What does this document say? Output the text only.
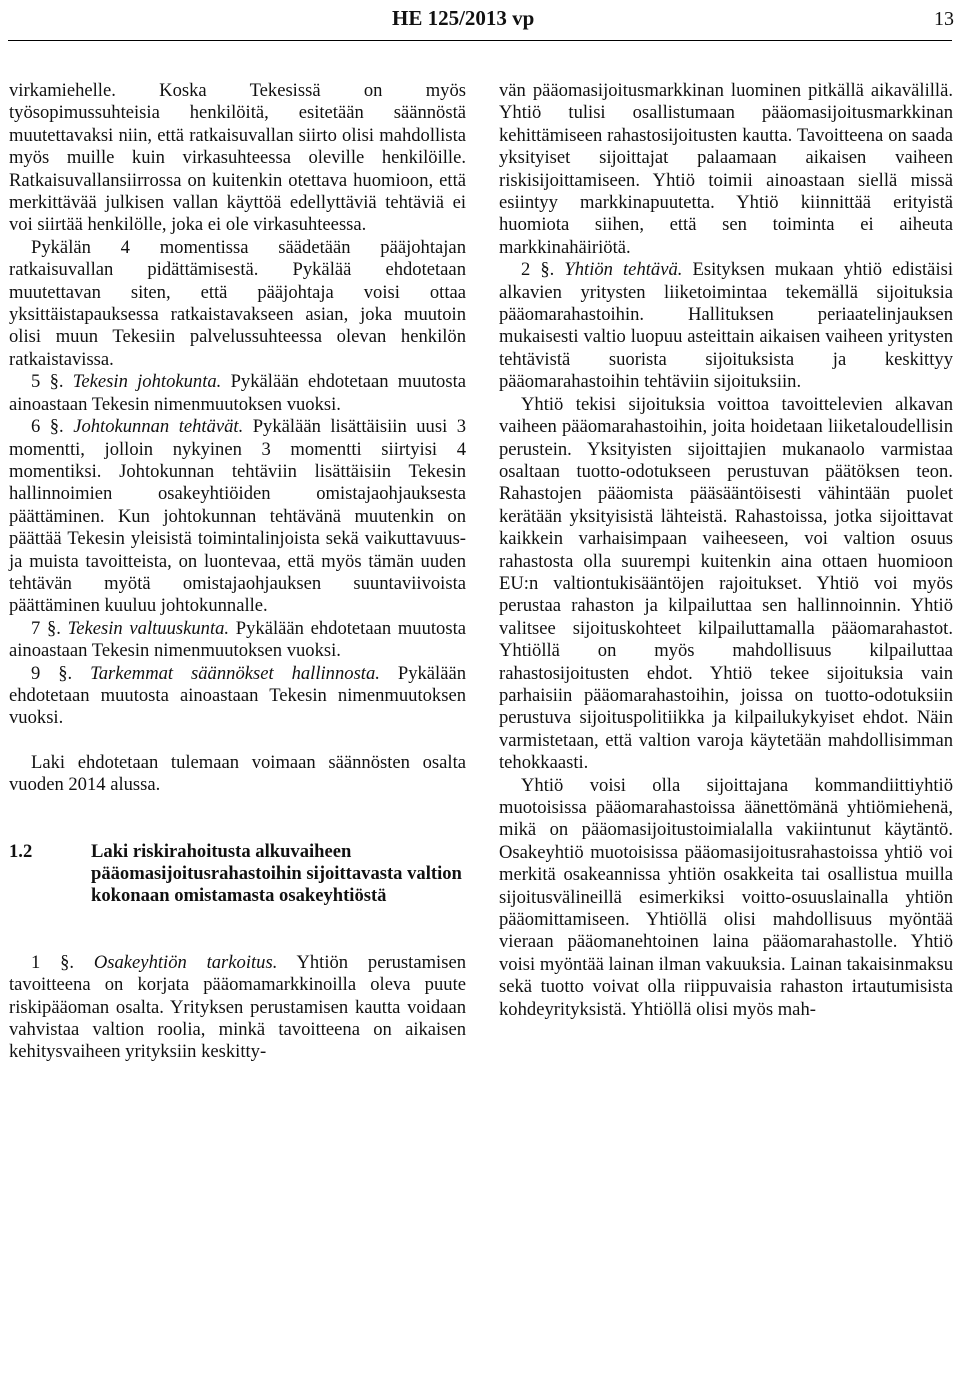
HE 125/2013 vp	13

virkamiehelle. Koska Tekesissä on myös työsopimussuhteisia henkilöitä, esitetään säännöstä muutettavaksi niin, että ratkaisuvallan siirto olisi mahdollista myös muille kuin virkasuhteessa oleville henkilöille. Ratkaisuvallansiirrossa on kuitenkin otettava huomioon, että merkittävää julkisen vallan käyttöä edellyttäviä tehtäviä ei voi siirtää henkilölle, joka ei ole virkasuhteessa.

Pykälän 4 momentissa säädetään pääjohtajan ratkaisuvallan pidättämisestä. Pykälää ehdotetaan muutettavan siten, että pääjohtaja voisi ottaa yksittäistapauksessa ratkaistavakseen asian, joka muutoin olisi muun Tekesiin palvelussuhteessa olevan henkilön ratkaistavissa.

5 §. Tekesin johtokunta. Pykälään ehdotetaan muutosta ainoastaan Tekesin nimenmuutoksen vuoksi.

6 §. Johtokunnan tehtävät. Pykälään lisättäisiin uusi 3 momentti, jolloin nykyinen 3 momentti siirtyisi 4 momentiksi. Johtokunnan tehtäviin lisättäisiin Tekesin hallinnoimien osakeyhtiöiden omistajaohjauksesta päättäminen. Kun johtokunnan tehtävänä muutenkin on päättää Tekesin yleisistä toimintalinjoista sekä vaikuttavuus- ja muista tavoitteista, on luontevaa, että myös tämän uuden tehtävän myötä omistajaohjauksen suuntaviivoista päättäminen kuuluu johtokunnalle.

7 §. Tekesin valtuuskunta. Pykälään ehdotetaan muutosta ainoastaan Tekesin nimenmuutoksen vuoksi.

9 §. Tarkemmat säännökset hallinnosta. Pykälään ehdotetaan muutosta ainoastaan Tekesin nimenmuutoksen vuoksi.

Laki ehdotetaan tulemaan voimaan säännösten osalta vuoden 2014 alussa.

1.2	Laki riskirahoitusta alkuvaiheen pääomasijoitusrahastoihin sijoittavasta valtion kokonaan omistamasta osakeyhtiöstä

1 §. Osakeyhtiön tarkoitus. Yhtiön perustamisen tavoitteena on korjata pääomamarkkinoilla oleva puute riskipääoman osalta. Yrityksen perustamisen kautta voidaan vahvistaa valtion roolia, minkä tavoitteena on aikaisen kehitysvaiheen yrityksiin keskitty-

vän pääomasijoitusmarkkinan luominen pitkällä aikavälillä. Yhtiö tulisi osallistumaan pääomasijoitusmarkkinan kehittämiseen rahastosijoitusten kautta. Tavoitteena on saada yksityiset sijoittajat palaamaan aikaisen vaiheen riskisijoittamiseen. Yhtiö toimii ainoastaan siellä missä esiintyy markkinapuutetta. Yhtiö kiinnittää erityistä huomiota siihen, että sen toiminta ei aiheuta markkinahäiriötä.

2 §. Yhtiön tehtävä. Esityksen mukaan yhtiö edistäisi alkavien yritysten liiketoimintaa tekemällä sijoituksia pääomarahastoihin. Hallituksen periaatelinjauksen mukaisesti valtio luopuu asteittain aikaisen vaiheen yritysten tehtävistä suorista sijoituksista ja keskittyy pääomarahastoihin tehtäviin sijoituksiin.

Yhtiö tekisi sijoituksia voittoa tavoittelevien alkavan vaiheen pääomarahastoihin, joita hoidetaan liiketaloudellisin perustein. Yksityisten sijoittajien mukanaolo varmistaa osaltaan tuotto-odotukseen perustuvan päätöksen teon. Rahastojen pääomista pääsääntöisesti vähintään puolet kerätään yksityisistä lähteistä. Rahastoissa, jotka sijoittavat kaikkein varhaisimpaan vaiheeseen, voi valtion osuus rahastosta olla suurempi kuitenkin aina ottaen huomioon EU:n valtiontukisääntöjen rajoitukset. Yhtiö voi myös perustaa rahaston ja kilpailuttaa sen hallinnoinnin. Yhtiö valitsee sijoituskohteet kilpailuttamalla pääomarahastot. Yhtiöllä on myös mahdollisuus kilpailuttaa rahastosijoitusten ehdot. Yhtiö tekee sijoituksia vain parhaisiin pääomarahastoihin, joissa on tuotto-odotuksiin perustuva sijoituspolitiikka ja kilpailukykyiset ehdot. Näin varmistetaan, että valtion varoja käytetään mahdollisimman tehokkaasti.

Yhtiö voisi olla sijoittajana kommandiittiyhtiö muotoisissa pääomarahastoissa äänettömänä yhtiömiehenä, mikä on pääomasijoitustoimialalla vakiintunut käytäntö. Osakeyhtiö muotoisissa pääomasijoitusrahastoissa yhtiö voi merkitä osakeannissa yhtiön osakkeita tai osallistua muilla sijoitusvälineillä esimerkiksi voitto-osuuslainalla yhtiön pääomittamiseen. Yhtiöllä olisi mahdollisuus myöntää vieraan pääomanehtoinen laina pääomarahastolle. Yhtiö voisi myöntää lainan ilman vakuuksia. Lainan takaisinmaksu sekä tuotto voivat olla riippuvaisia rahaston irtautumisista kohdeyrityksistä. Yhtiöllä olisi myös mah-
